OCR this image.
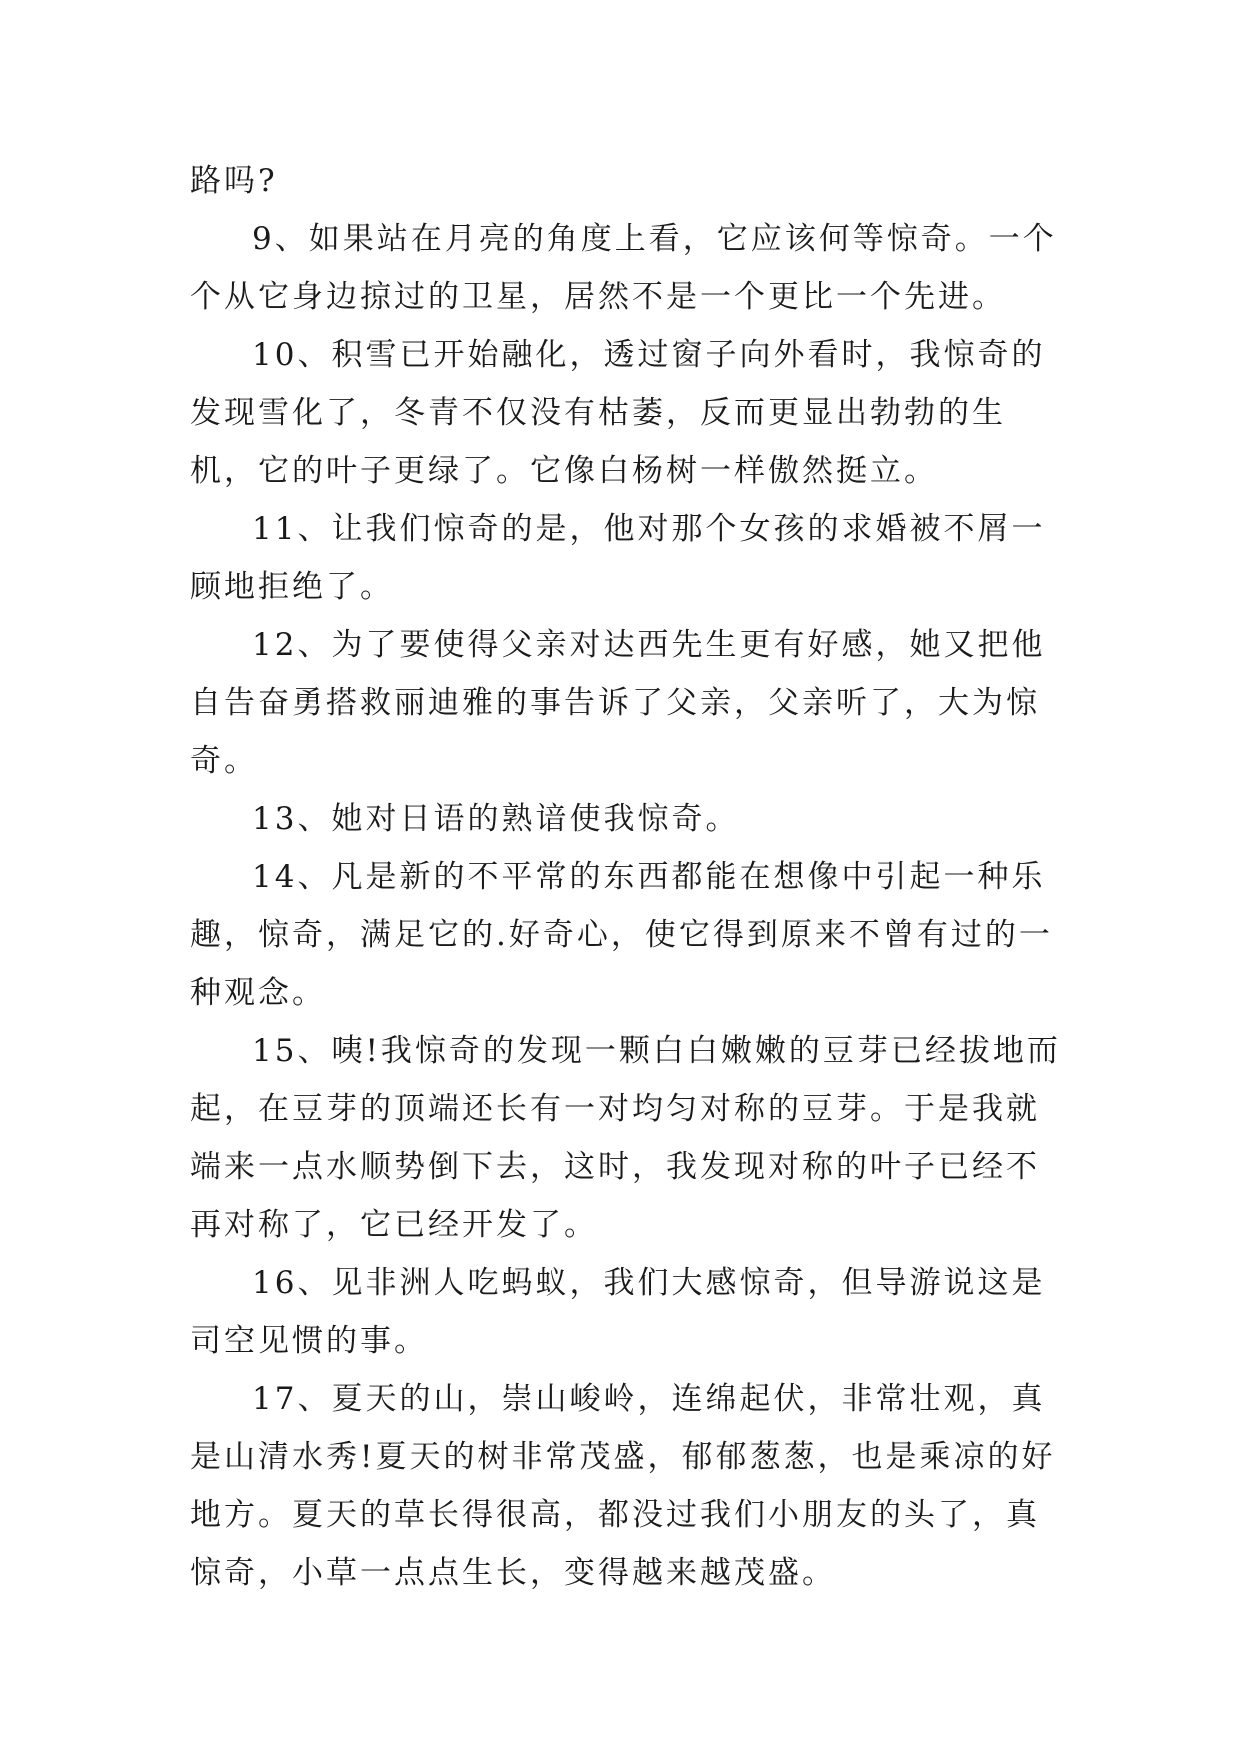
路吗?

9、如果站在月亮的角度上看，它应该何等惊奇。一个个从它身边掠过的卫星，居然不是一个更比一个先进。

10、积雪已开始融化，透过窗子向外看时，我惊奇的发现雪化了，冬青不仅没有枯萎，反而更显出勃勃的生机，它的叶子更绿了。它像白杨树一样傲然挺立。

11、让我们惊奇的是，他对那个女孩的求婚被不屑一顾地拒绝了。

12、为了要使得父亲对达西先生更有好感，她又把他自告奋勇搭救丽迪雅的事告诉了父亲，父亲听了，大为惊奇。

13、她对日语的熟谙使我惊奇。

14、凡是新的不平常的东西都能在想像中引起一种乐趣，惊奇，满足它的.好奇心，使它得到原来不曾有过的一种观念。

15、咦!我惊奇的发现一颗白白嫩嫩的豆芽已经拔地而起，在豆芽的顶端还长有一对均匀对称的豆芽。于是我就端来一点水顺势倒下去，这时，我发现对称的叶子已经不再对称了，它已经开发了。

16、见非洲人吃蚂蚁，我们大感惊奇，但导游说这是司空见惯的事。

17、夏天的山，崇山峻岭，连绵起伏，非常壮观，真是山清水秀!夏天的树非常茂盛，郁郁葱葱，也是乘凉的好地方。夏天的草长得很高，都没过我们小朋友的头了，真惊奇，小草一点点生长，变得越来越茂盛。
